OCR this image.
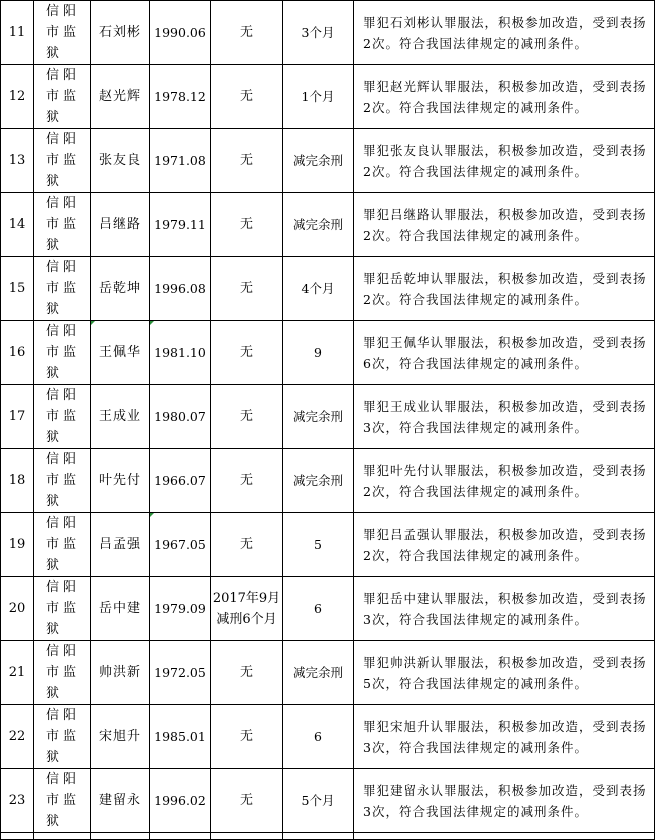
11	信阳市监狱	石刘彬	1990.06	无	3个月	罪犯石刘彬认罪服法，积极参加改造，受到表扬2次。符合我国法律规定的减刑条件。
12	信阳市监狱	赵光辉	1978.12	无	1个月	罪犯赵光辉认罪服法，积极参加改造，受到表扬2次。符合我国法律规定的减刑条件。
13	信阳市监狱	张友良	1971.08	无	减完余刑	罪犯张友良认罪服法，积极参加改造，受到表扬2次。符合我国法律规定的减刑条件。
14	信阳市监狱	吕继路	1979.11	无	减完余刑	罪犯吕继路认罪服法，积极参加改造，受到表扬2次。符合我国法律规定的减刑条件。
15	信阳市监狱	岳乾坤	1996.08	无	4个月	罪犯岳乾坤认罪服法，积极参加改造，受到表扬2次。符合我国法律规定的减刑条件。
16	信阳市监狱	王佩华	1981.10	无	9	罪犯王佩华认罪服法，积极参加改造，受到表扬6次，符合我国法律规定的减刑条件。
17	信阳市监狱	王成业	1980.07	无	减完余刑	罪犯王成业认罪服法，积极参加改造，受到表扬3次，符合我国法律规定的减刑条件。
18	信阳市监狱	叶先付	1966.07	无	减完余刑	罪犯叶先付认罪服法，积极参加改造，受到表扬2次，符合我国法律规定的减刑条件。
19	信阳市监狱	吕孟强	1967.05	无	5	罪犯吕孟强认罪服法，积极参加改造，受到表扬2次，符合我国法律规定的减刑条件。
20	信阳市监狱	岳中建	1979.09	2017年9月减刑6个月	6	罪犯岳中建认罪服法，积极参加改造，受到表扬3次，符合我国法律规定的减刑条件。
21	信阳市监狱	帅洪新	1972.05	无	减完余刑	罪犯帅洪新认罪服法，积极参加改造，受到表扬5次，符合我国法律规定的减刑条件。
22	信阳市监狱	宋旭升	1985.01	无	6	罪犯宋旭升认罪服法，积极参加改造，受到表扬3次，符合我国法律规定的减刑条件。
23	信阳市监狱	建留永	1996.02	无	5个月	罪犯建留永认罪服法，积极参加改造，受到表扬3次，符合我国法律规定的减刑条件。
